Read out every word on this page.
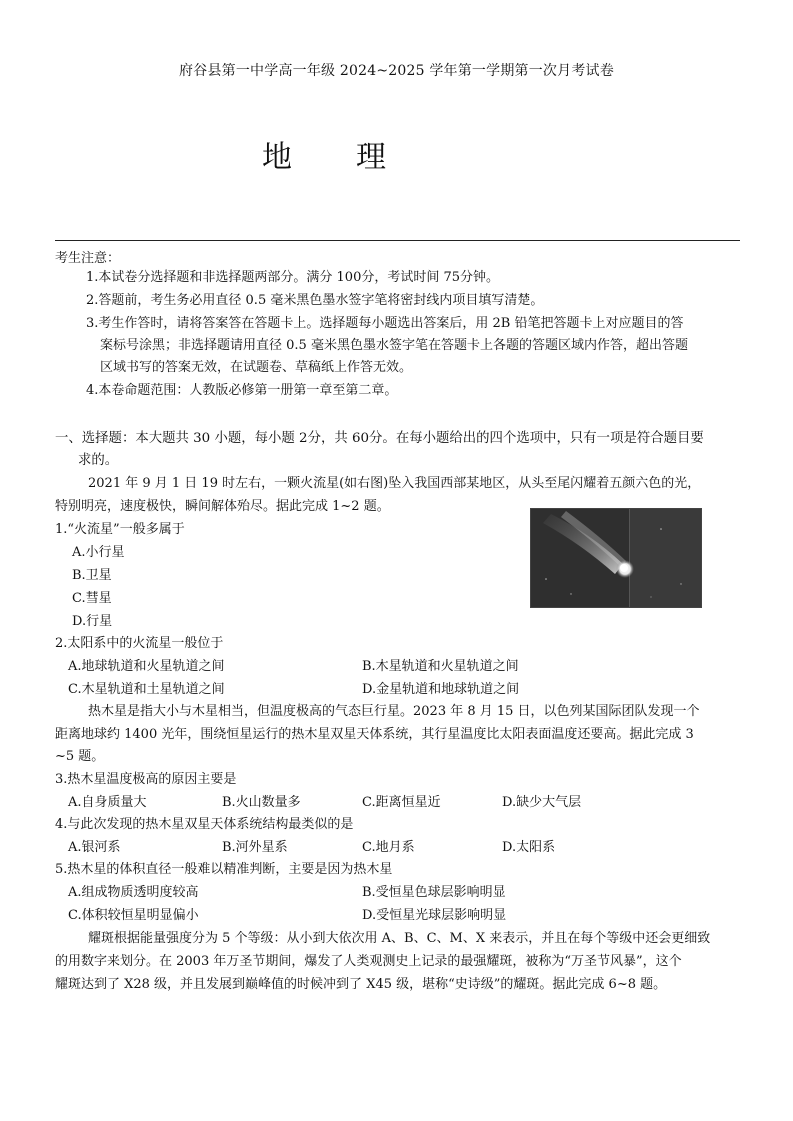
府谷县第一中学高一年级 2024~2025 学年第一学期第一次月考试卷
地 理
考生注意：
1.本试卷分选择题和非选择题两部分。满分 100分，考试时间 75分钟。
2.答题前，考生务必用直径 0.5 毫米黑色墨水签字笔将密封线内项目填写清楚。
3.考生作答时，请将答案答在答题卡上。选择题每小题选出答案后，用 2B 铅笔把答题卡上对应题目的答
案标号涂黑；非选择题请用直径 0.5 毫米黑色墨水签字笔在答题卡上各题的答题区域内作答，超出答题
区域书写的答案无效，在试题卷、草稿纸上作答无效。
4.本卷命题范围：人教版必修第一册第一章至第二章。
一、选择题：本大题共 30 小题，每小题 2分，共 60分。在每小题给出的四个选项中，只有一项是符合题目要
求的。
2021 年 9 月 1 日 19 时左右，一颗火流星(如右图)坠入我国西部某地区，从头至尾闪耀着五颜六色的光，
特别明亮，速度极快，瞬间解体殆尽。据此完成 1~2 题。
1.“火流星”一般多属于
A.小行星
B.卫星
C.彗星
D.行星
2.太阳系中的火流星一般位于
A.地球轨道和火星轨道之间	B.木星轨道和火星轨道之间
C.木星轨道和土星轨道之间	D.金星轨道和地球轨道之间
热木星是指大小与木星相当，但温度极高的气态巨行星。2023 年 8 月 15 日，以色列某国际团队发现一个
距离地球约 1400 光年，围绕恒星运行的热木星双星天体系统，其行星温度比太阳表面温度还要高。据此完成 3
~5 题。
3.热木星温度极高的原因主要是
A.自身质量大	B.火山数量多	C.距离恒星近	D.缺少大气层
4.与此次发现的热木星双星天体系统结构最类似的是
A.银河系	B.河外星系	C.地月系	D.太阳系
5.热木星的体积直径一般难以精准判断，主要是因为热木星
A.组成物质透明度较高	B.受恒星色球层影响明显
C.体积较恒星明显偏小	D.受恒星光球层影响明显
耀斑根据能量强度分为 5 个等级：从小到大依次用 A、B、C、M、X 来表示，并且在每个等级中还会更细致
的用数字来划分。在 2003 年万圣节期间，爆发了人类观测史上记录的最强耀斑，被称为“万圣节风暴”，这个
耀斑达到了 X28 级，并且发展到巅峰值的时候冲到了 X45 级，堪称“史诗级”的耀斑。据此完成 6~8 题。
